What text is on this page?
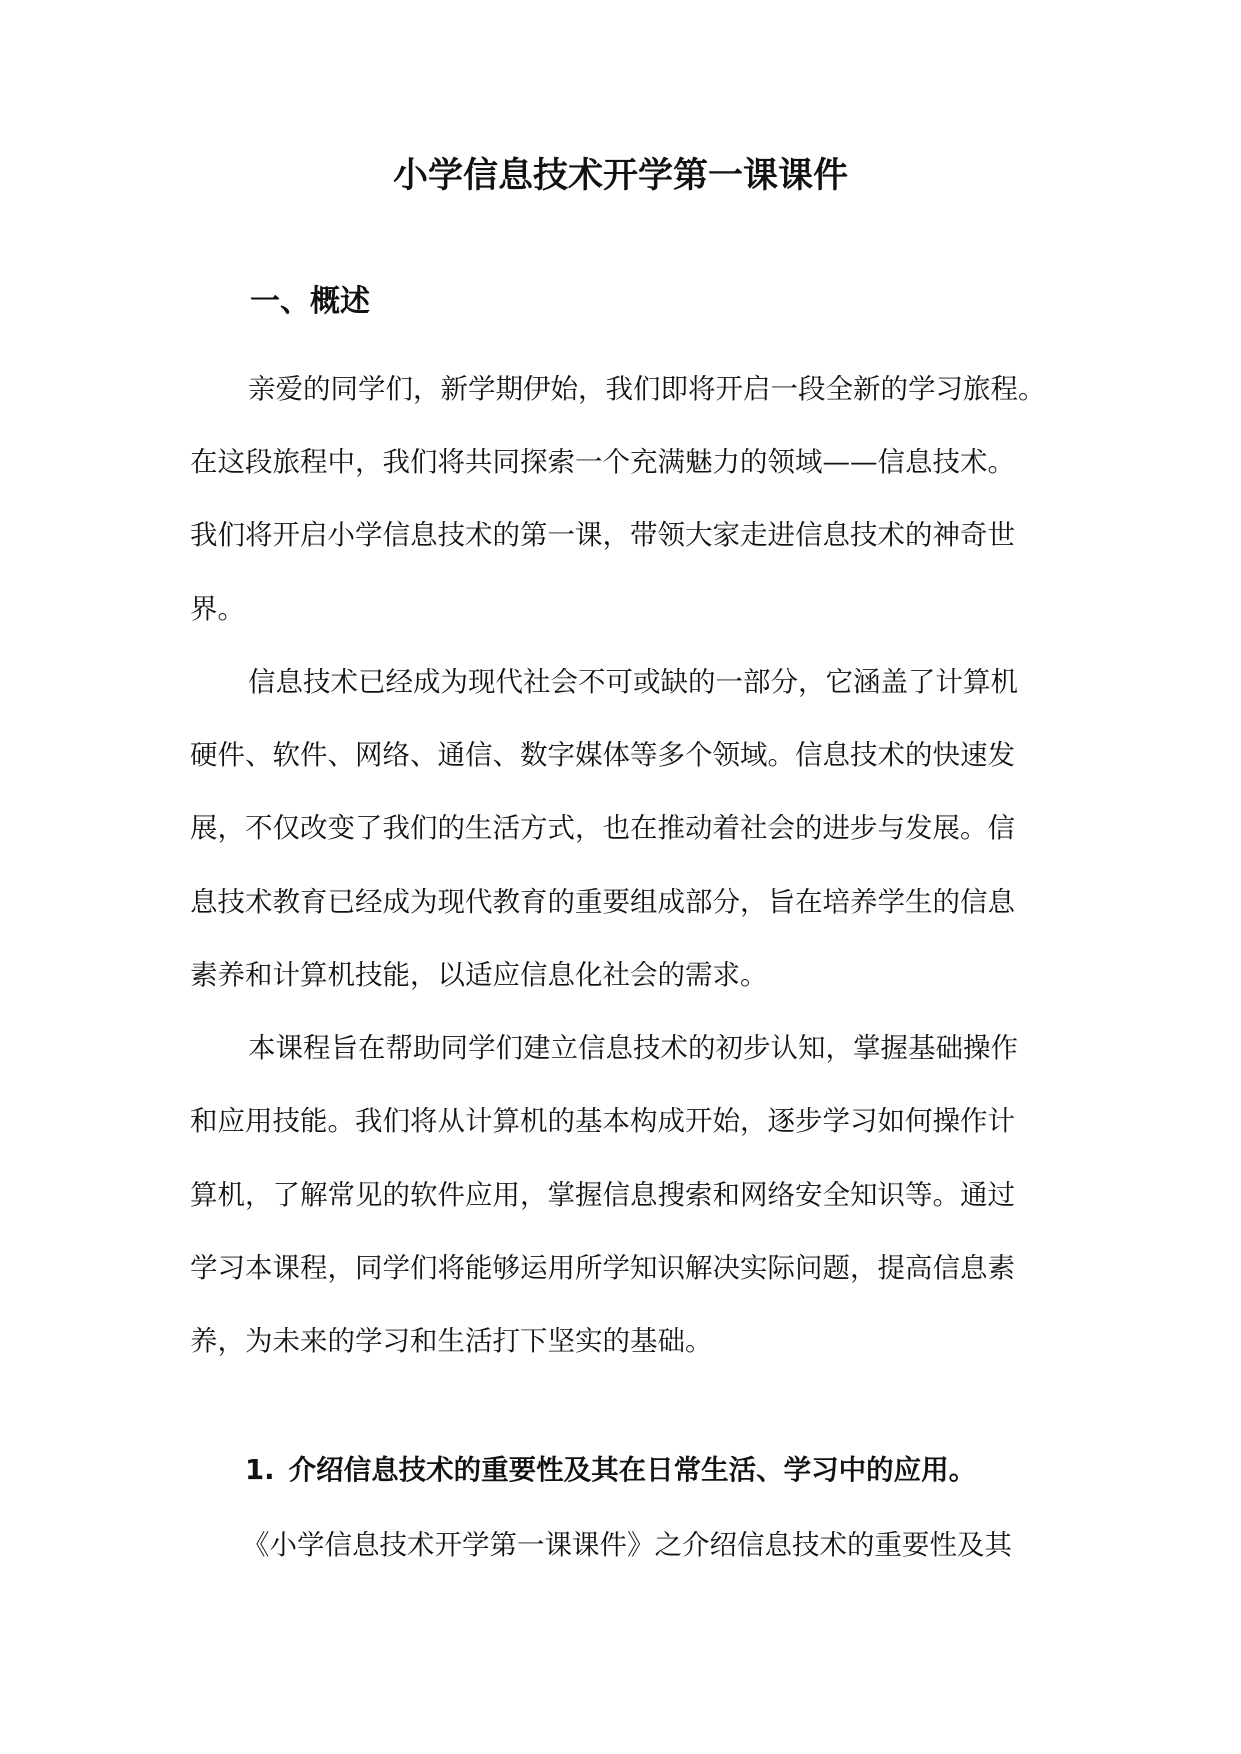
小学信息技术开学第一课课件
一、概述

亲爱的同学们，新学期伊始，我们即将开启一段全新的学习旅程。

在这段旅程中，我们将共同探索一个充满魅力的领域——信息技术。

我们将开启小学信息技术的第一课，带领大家走进信息技术的神奇世

界。

信息技术已经成为现代社会不可或缺的一部分，它涵盖了计算机

硬件、软件、网络、通信、数字媒体等多个领域。信息技术的快速发

展，不仅改变了我们的生活方式，也在推动着社会的进步与发展。信

息技术教育已经成为现代教育的重要组成部分，旨在培养学生的信息

素养和计算机技能，以适应信息化社会的需求。

本课程旨在帮助同学们建立信息技术的初步认知，掌握基础操作

和应用技能。我们将从计算机的基本构成开始，逐步学习如何操作计

算机，了解常见的软件应用，掌握信息搜索和网络安全知识等。通过

学习本课程，同学们将能够运用所学知识解决实际问题，提高信息素

养，为未来的学习和生活打下坚实的基础。

1. 介绍信息技术的重要性及其在日常生活、学习中的应用。

《小学信息技术开学第一课课件》之介绍信息技术的重要性及其
